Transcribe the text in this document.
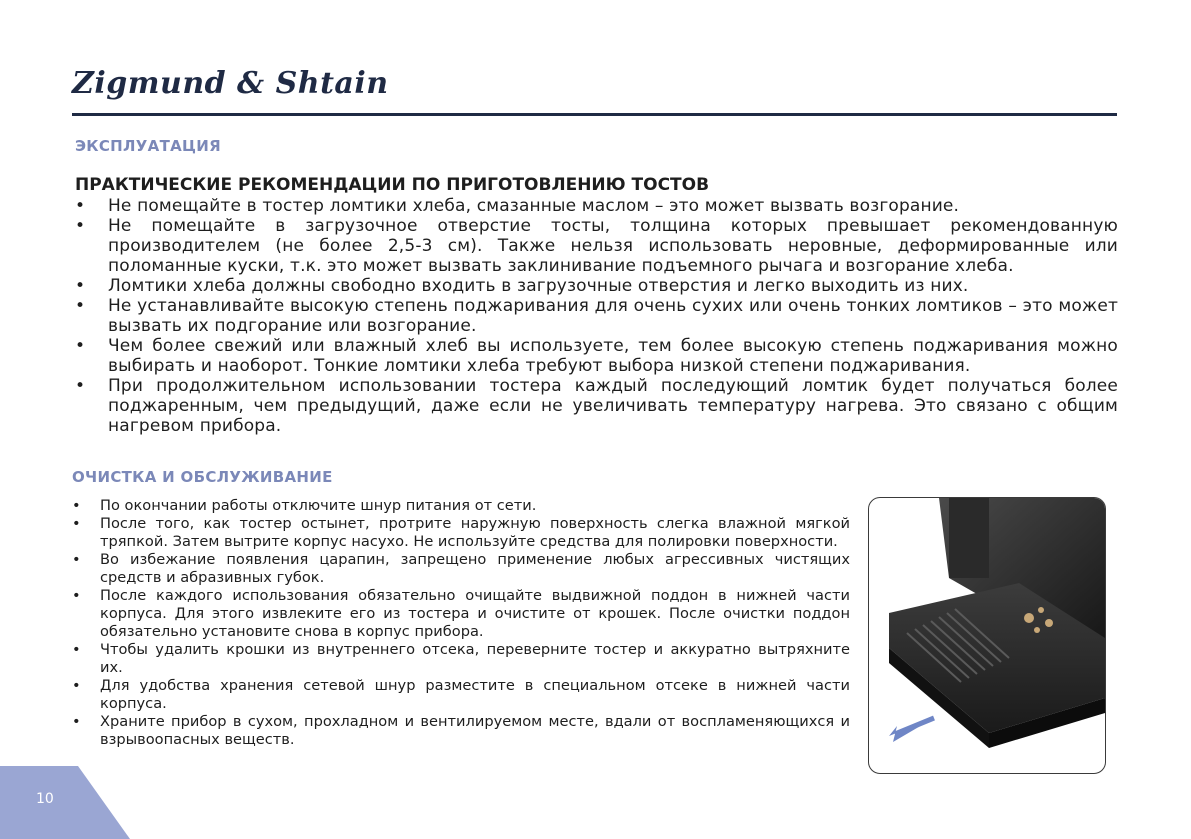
Zigmund & Shtain
ЭКСПЛУАТАЦИЯ
ПРАКТИЧЕСКИЕ РЕКОМЕНДАЦИИ ПО ПРИГОТОВЛЕНИЮ ТОСТОВ
• Не помещайте в тостер ломтики хлеба, смазанные маслом – это может вызвать возгорание.
• Не помещайте в загрузочное отверстие тосты, толщина которых превышает рекомендованную производителем (не более 2,5-3 см). Также нельзя использовать неровные, деформированные или поломанные куски, т.к. это может вызвать заклинивание подъемного рычага и возгорание хлеба.
• Ломтики хлеба должны свободно входить в загрузочные отверстия и легко выходить из них.
• Не устанавливайте высокую степень поджаривания для очень сухих или очень тонких ломтиков – это может вызвать их подгорание или возгорание.
• Чем более свежий или влажный хлеб вы используете, тем более высокую степень поджаривания можно выбирать и наоборот. Тонкие ломтики хлеба требуют выбора низкой степени поджаривания.
• При продолжительном использовании тостера каждый последующий ломтик будет получаться более поджаренным, чем предыдущий, даже если не увеличивать температуру нагрева. Это связано с общим нагревом прибора.
ОЧИСТКА И ОБСЛУЖИВАНИЕ
• По окончании работы отключите шнур питания от сети.
• После того, как тостер остынет, протрите наружную поверхность слегка влажной мягкой тряпкой. Затем вытрите корпус насухо. Не используйте средства для полировки поверхности.
• Во избежание появления царапин, запрещено применение любых агрессивных чистящих средств и абразивных губок.
• После каждого использования обязательно очищайте выдвижной поддон в нижней части корпуса. Для этого извлеките его из тостера и очистите от крошек. После очистки поддон обязательно установите снова в корпус прибора.
• Чтобы удалить крошки из внутреннего отсека, переверните тостер и аккуратно вытряхните их.
• Для удобства хранения сетевой шнур разместите в специальном отсеке в нижней части корпуса.
• Храните прибор в сухом, прохладном и вентилируемом месте, вдали от воспламеняющихся и взрывоопасных веществ.
10
